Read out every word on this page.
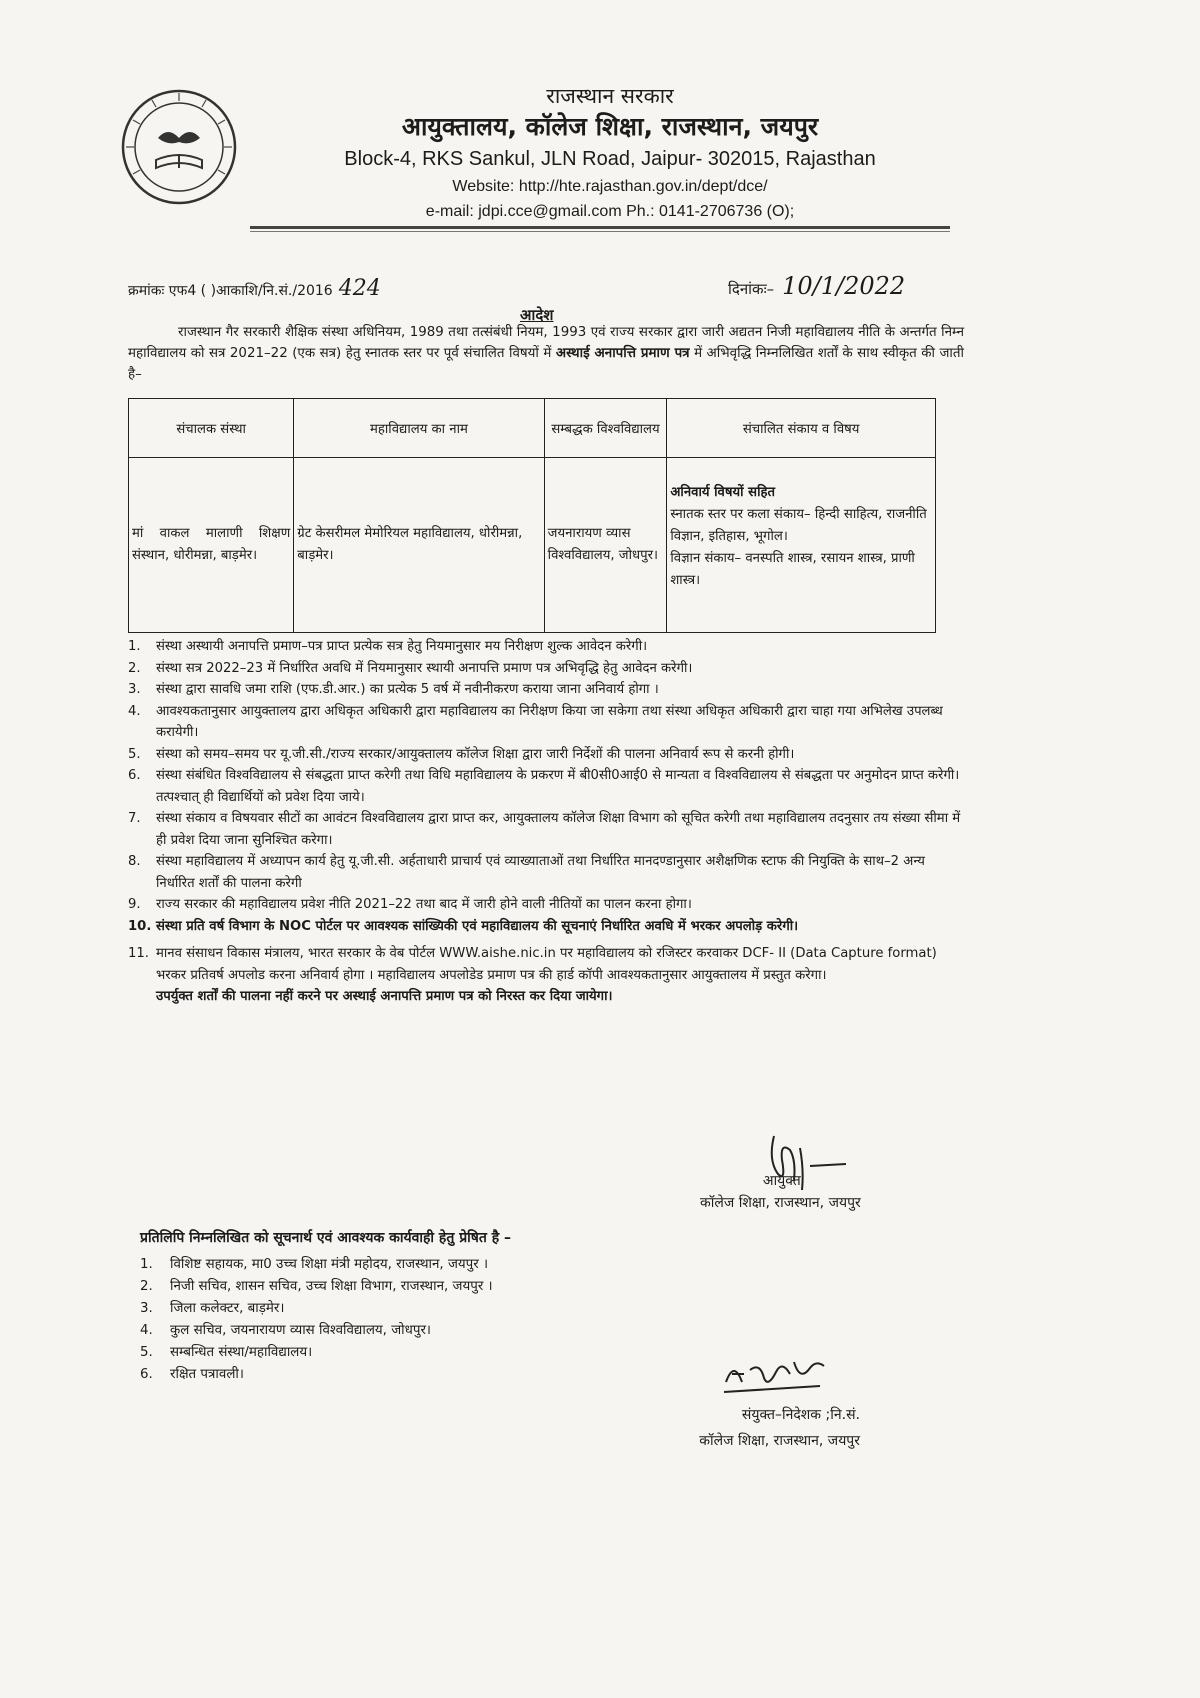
राजस्थान सरकार
आयुक्तालय, कॉलेज शिक्षा, राजस्थान, जयपुर
Block-4, RKS Sankul, JLN Road, Jaipur- 302015, Rajasthan
Website: http://hte.rajasthan.gov.in/dept/dce/
e-mail: jdpi.cce@gmail.com Ph.: 0141-2706736 (O);
क्रमांकः एफ4 ( )आकाशि/नि.सं./2016 424	दिनांकः– 10/1/2022
आदेश
राजस्थान गैर सरकारी शैक्षिक संस्था अधिनियम, 1989 तथा तत्संबंधी नियम, 1993 एवं राज्य सरकार द्वारा जारी अद्यतन निजी महाविद्यालय नीति के अन्तर्गत निम्न महाविद्यालय को सत्र 2021–22 (एक सत्र) हेतु स्नातक स्तर पर पूर्व संचालित विषयों में अस्थाई अनापत्ति प्रमाण पत्र में अभिवृद्धि निम्नलिखित शर्तों के साथ स्वीकृत की जाती है–
संचालक संस्था	महाविद्यालय का नाम	सम्बद्धक विश्वविद्यालय	संचालित संकाय व विषय
मां वाकल मालाणी शिक्षण संस्थान, धोरीमन्ना, बाड़मेर।	ग्रेट केसरीमल मेमोरियल महाविद्यालय, धोरीमन्ना, बाड़मेर।	जयनारायण व्यास विश्वविद्यालय, जोधपुर।	अनिवार्य विषयों सहित
स्नातक स्तर पर कला संकाय– हिन्दी साहित्य, राजनीति विज्ञान, इतिहास, भूगोल।
विज्ञान संकाय– वनस्पति शास्त्र, रसायन शास्त्र, प्राणी शास्त्र।
1.	संस्था अस्थायी अनापत्ति प्रमाण–पत्र प्राप्त प्रत्येक सत्र हेतु नियमानुसार मय निरीक्षण शुल्क आवेदन करेगी।
2.	संस्था सत्र 2022–23 में निर्धारित अवधि में नियमानुसार स्थायी अनापत्ति प्रमाण पत्र अभिवृद्धि हेतु आवेदन करेगी।
3.	संस्था द्वारा सावधि जमा राशि (एफ.डी.आर.) का प्रत्येक 5 वर्ष में नवीनीकरण कराया जाना अनिवार्य होगा ।
4.	आवश्यकतानुसार आयुक्तालय द्वारा अधिकृत अधिकारी द्वारा महाविद्यालय का निरीक्षण किया जा सकेगा तथा संस्था अधिकृत अधिकारी द्वारा चाहा गया अभिलेख उपलब्ध करायेगी।
5.	संस्था को समय–समय पर यू.जी.सी./राज्य सरकार/आयुक्तालय कॉलेज शिक्षा द्वारा जारी निर्देशों की पालना अनिवार्य रूप से करनी होगी।
6.	संस्था संबंधित विश्वविद्यालय से संबद्धता प्राप्त करेगी तथा विधि महाविद्यालय के प्रकरण में बी0सी0आई0 से मान्यता व विश्वविद्यालय से संबद्धता पर अनुमोदन प्राप्त करेगी। तत्पश्चात् ही विद्यार्थियों को प्रवेश दिया जाये।
7.	संस्था संकाय व विषयवार सीटों का आवंटन विश्वविद्यालय द्वारा प्राप्त कर, आयुक्तालय कॉलेज शिक्षा विभाग को सूचित करेगी तथा महाविद्यालय तदनुसार तय संख्या सीमा में ही प्रवेश दिया जाना सुनिश्चित करेगा।
8.	संस्था महाविद्यालय में अध्यापन कार्य हेतु यू.जी.सी. अर्हताधारी प्राचार्य एवं व्याख्याताओं तथा निर्धारित मानदण्डानुसार अशैक्षणिक स्टाफ की नियुक्ति के साथ–2 अन्य निर्धारित शर्तों की पालना करेगी
9.	राज्य सरकार की महाविद्यालय प्रवेश नीति 2021–22 तथा बाद में जारी होने वाली नीतियों का पालन करना होगा।
10. संस्था प्रति वर्ष विभाग के NOC पोर्टल पर आवश्यक सांख्यिकी एवं महाविद्यालय की सूचनाएं निर्धारित अवधि में भरकर अपलोड़ करेगी।
11. मानव संसाधन विकास मंत्रालय, भारत सरकार के वेब पोर्टल WWW.aishe.nic.in पर महाविद्यालय को रजिस्टर करवाकर DCF- II (Data Capture format) भरकर प्रतिवर्ष अपलोड करना अनिवार्य होगा । महाविद्यालय अपलोडेड प्रमाण पत्र की हार्ड कॉपी आवश्यकतानुसार आयुक्तालय में प्रस्तुत करेगा।
उपर्युक्त शर्तों की पालना नहीं करने पर अस्थाई अनापत्ति प्रमाण पत्र को निरस्त कर दिया जायेगा।
आयुक्त
कॉलेज शिक्षा, राजस्थान, जयपुर
प्रतिलिपि निम्नलिखित को सूचनार्थ एवं आवश्यक कार्यवाही हेतु प्रेषित है –
1.	विशिष्ट सहायक, मा0 उच्च शिक्षा मंत्री महोदय, राजस्थान, जयपुर ।
2.	निजी सचिव, शासन सचिव, उच्च शिक्षा विभाग, राजस्थान, जयपुर ।
3.	जिला कलेक्टर, बाड़मेर।
4.	कुल सचिव, जयनारायण व्यास विश्वविद्यालय, जोधपुर।
5.	सम्बन्धित संस्था/महाविद्यालय।
6.	रक्षित पत्रावली।
संयुक्त–निदेशक ;नि.सं.
कॉलेज शिक्षा, राजस्थान, जयपुर
